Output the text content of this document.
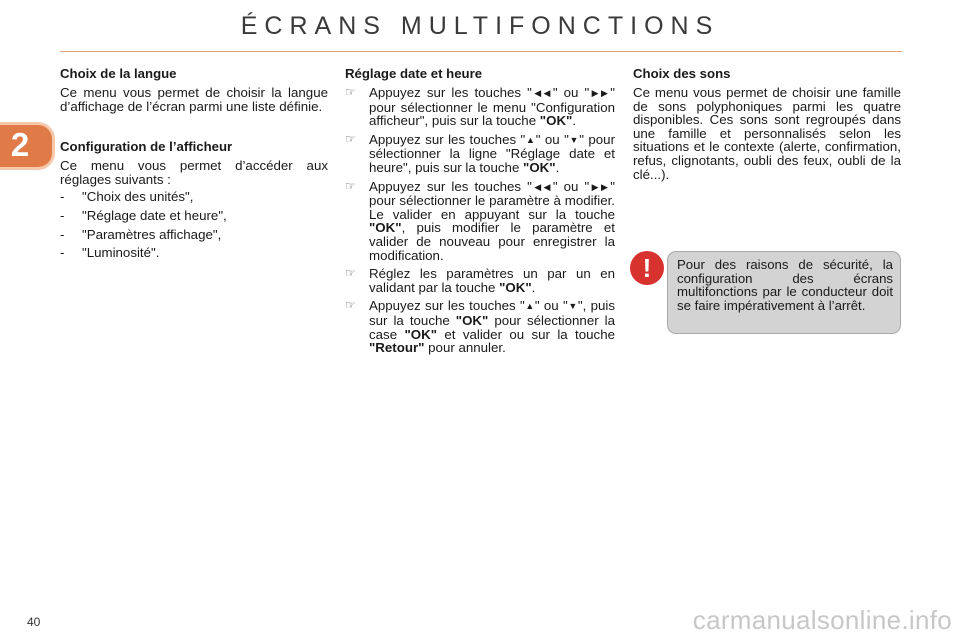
ÉCRANS MULTIFONCTIONS
2
Choix de la langue

Ce menu vous permet de choisir la langue d’affichage de l’écran parmi une liste définie.

Configuration de l’afficheur

Ce menu vous permet d’accéder aux réglages suivants :

-	"Choix des unités",
-	"Réglage date et heure",
-	"Paramètres affichage",
-	"Luminosité".
Réglage date et heure
☞ Appuyez sur les touches "◀◀" ou "▶▶" pour sélectionner le menu "Configuration afficheur", puis sur la touche "OK".
☞ Appuyez sur les touches "▲" ou "▼" pour sélectionner la ligne "Réglage date et heure", puis sur la touche "OK".
☞ Appuyez sur les touches "◀◀" ou "▶▶" pour sélectionner le paramètre à modifier. Le valider en appuyant sur la touche "OK", puis modifier le paramètre et valider de nouveau pour enregistrer la modification.
☞ Réglez les paramètres un par un en validant par la touche "OK".
☞ Appuyez sur les touches "▲" ou "▼", puis sur la touche "OK" pour sélectionner la case "OK" et valider ou sur la touche "Retour" pour annuler.
Choix des sons

Ce menu vous permet de choisir une famille de sons polyphoniques parmi les quatre disponibles. Ces sons sont regroupés dans une famille et personnalisés selon les situations et le contexte (alerte, confirmation, refus, clignotants, oubli des feux, oubli de la clé...).

!	Pour des raisons de sécurité, la configuration des écrans multifonctions par le conducteur doit se faire impérativement à l’arrêt.
40	carmanualsonline.info
